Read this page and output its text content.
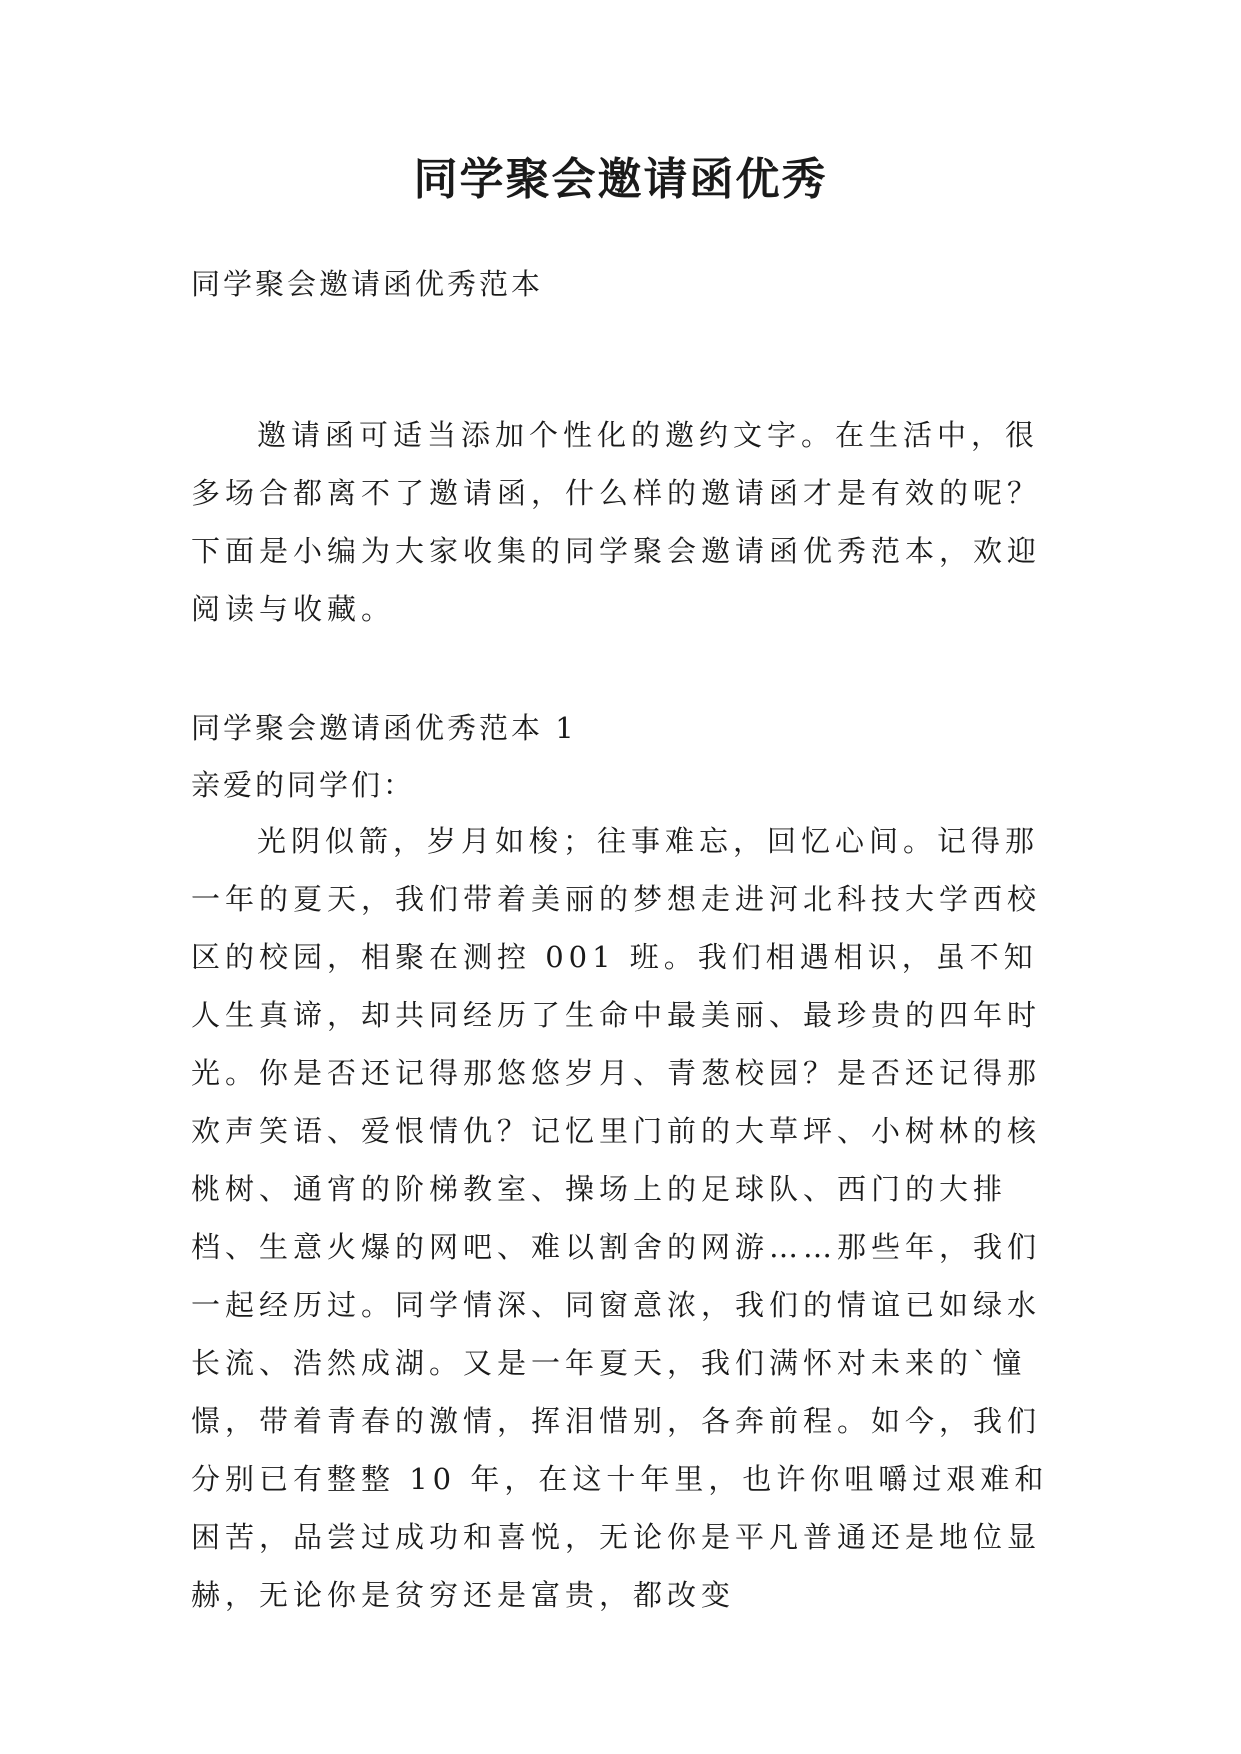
同学聚会邀请函优秀
同学聚会邀请函优秀范本

邀请函可适当添加个性化的邀约文字。在生活中，很多场合都离不了邀请函，什么样的邀请函才是有效的呢？下面是小编为大家收集的同学聚会邀请函优秀范本，欢迎阅读与收藏。

同学聚会邀请函优秀范本 1
亲爱的同学们：

光阴似箭，岁月如梭；往事难忘，回忆心间。记得那一年的夏天，我们带着美丽的梦想走进河北科技大学西校区的校园，相聚在测控 001 班。我们相遇相识，虽不知人生真谛，却共同经历了生命中最美丽、最珍贵的四年时光。你是否还记得那悠悠岁月、青葱校园？是否还记得那欢声笑语、爱恨情仇？记忆里门前的大草坪、小树林的核桃树、通宵的阶梯教室、操场上的足球队、西门的大排档、生意火爆的网吧、难以割舍的网游……那些年，我们一起经历过。同学情深、同窗意浓，我们的情谊已如绿水长流、浩然成湖。又是一年夏天，我们满怀对未来的`憧憬，带着青春的激情，挥泪惜别，各奔前程。如今，我们分别已有整整 10 年，在这十年里，也许你咀嚼过艰难和困苦，品尝过成功和喜悦，无论你是平凡普通还是地位显赫，无论你是贫穷还是富贵，都改变
